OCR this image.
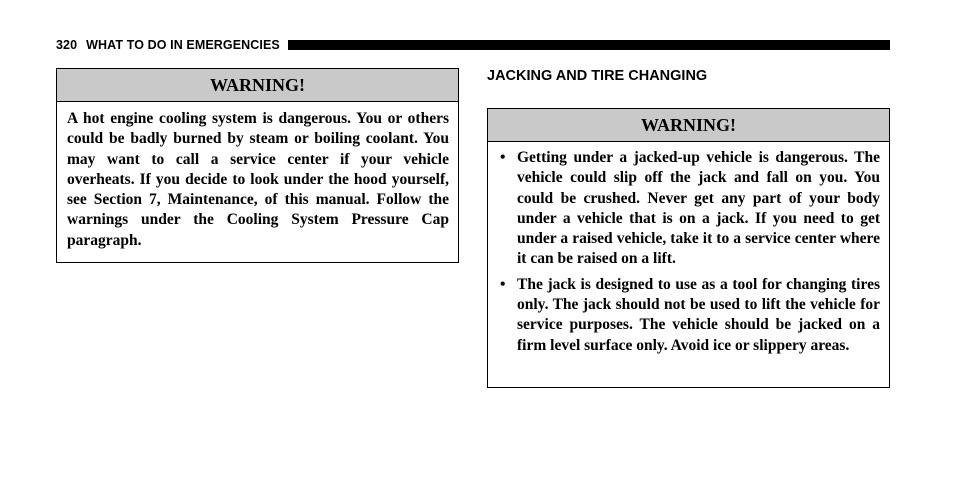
320 WHAT TO DO IN EMERGENCIES
WARNING!
A hot engine cooling system is dangerous. You or others could be badly burned by steam or boiling coolant. You may want to call a service center if your vehicle overheats. If you decide to look under the hood yourself, see Section 7, Maintenance, of this manual. Follow the warnings under the Cooling System Pressure Cap paragraph.
JACKING AND TIRE CHANGING
WARNING!
• Getting under a jacked-up vehicle is dangerous. The vehicle could slip off the jack and fall on you. You could be crushed. Never get any part of your body under a vehicle that is on a jack. If you need to get under a raised vehicle, take it to a service center where it can be raised on a lift.
• The jack is designed to use as a tool for changing tires only. The jack should not be used to lift the vehicle for service purposes. The vehicle should be jacked on a firm level surface only. Avoid ice or slippery areas.
